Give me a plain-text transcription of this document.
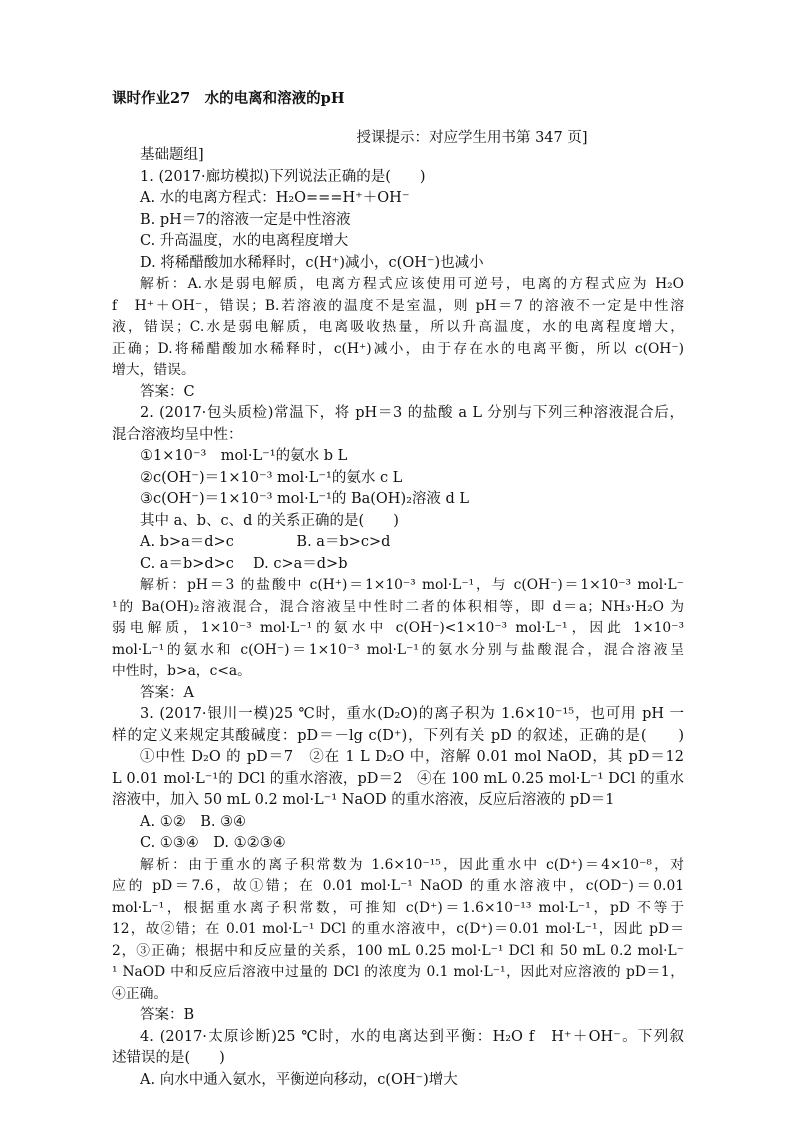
课时作业27　水的电离和溶液的pH
授课提示：对应学生用书第 347 页]
基础题组]
1. (2017·廊坊模拟)下列说法正确的是(　　)
A. 水的电离方程式：H₂O===H⁺＋OH⁻
B. pH＝7的溶液一定是中性溶液
C. 升高温度，水的电离程度增大
D. 将稀醋酸加水稀释时，c(H⁺)减小，c(OH⁻)也减小
解析：A.水是弱电解质，电离方程式应该使用可逆号，电离的方程式应为 H₂O
f　H⁺＋OH⁻，错误；B.若溶液的温度不是室温，则 pH＝7 的溶液不一定是中性溶
液，错误；C.水是弱电解质，电离吸收热量，所以升高温度，水的电离程度增大，
正确；D.将稀醋酸加水稀释时，c(H⁺)减小，由于存在水的电离平衡，所以 c(OH⁻)
增大，错误。
答案：C
2. (2017·包头质检)常温下，将 pH＝3 的盐酸 a L 分别与下列三种溶液混合后，
混合溶液均呈中性：
①1×10⁻³　mol·L⁻¹的氨水 b L
②c(OH⁻)＝1×10⁻³ mol·L⁻¹的氨水 c L
③c(OH⁻)＝1×10⁻³ mol·L⁻¹的 Ba(OH)₂溶液 d L
其中 a、b、c、d 的关系正确的是(　　)
A. b>a＝d>c　　　　 B. a＝b>c>d
C. a＝b>d>c　 D. c>a＝d>b
解析：pH＝3 的盐酸中 c(H⁺)＝1×10⁻³ mol·L⁻¹，与 c(OH⁻)＝1×10⁻³ mol·L⁻
¹的 Ba(OH)₂溶液混合，混合溶液呈中性时二者的体积相等，即 d＝a；NH₃·H₂O 为
弱电解质，1×10⁻³ mol·L⁻¹的氨水中 c(OH⁻)<1×10⁻³ mol·L⁻¹，因此 1×10⁻³
mol·L⁻¹的氨水和 c(OH⁻)＝1×10⁻³ mol·L⁻¹的氨水分别与盐酸混合，混合溶液呈
中性时，b>a，c<a。
答案：A
3. (2017·银川一模)25 ℃时，重水(D₂O)的离子积为 1.6×10⁻¹⁵，也可用 pH 一
样的定义来规定其酸碱度：pD＝－lg c(D⁺)，下列有关 pD 的叙述，正确的是(　　)
①中性 D₂O 的 pD＝7　②在 1 L D₂O 中，溶解 0.01 mol NaOD，其 pD＝12　
L 0.01 mol·L⁻¹的 DCl 的重水溶液，pD＝2　④在 100 mL 0.25 mol·L⁻¹ DCl 的重水
溶液中，加入 50 mL 0.2 mol·L⁻¹ NaOD 的重水溶液，反应后溶液的 pD＝1
A. ①②　B. ③④
C. ①③④　D. ①②③④
解析：由于重水的离子积常数为 1.6×10⁻¹⁵，因此重水中 c(D⁺)＝4×10⁻⁸，对
应的 pD＝7.6，故①错；在 0.01 mol·L⁻¹ NaOD 的重水溶液中，c(OD⁻)＝0.01
mol·L⁻¹，根据重水离子积常数，可推知 c(D⁺)＝1.6×10⁻¹³ mol·L⁻¹，pD 不等于
12，故②错；在 0.01 mol·L⁻¹ DCl 的重水溶液中，c(D⁺)＝0.01 mol·L⁻¹，因此 pD＝
2，③正确；根据中和反应量的关系，100 mL 0.25 mol·L⁻¹ DCl 和 50 mL 0.2 mol·L⁻
¹ NaOD 中和反应后溶液中过量的 DCl 的浓度为 0.1 mol·L⁻¹，因此对应溶液的 pD＝1，
④正确。
答案：B
4. (2017·太原诊断)25 ℃时，水的电离达到平衡：H₂O f　H⁺＋OH⁻。下列叙
述错误的是(　　)
A. 向水中通入氨水，平衡逆向移动，c(OH⁻)增大
